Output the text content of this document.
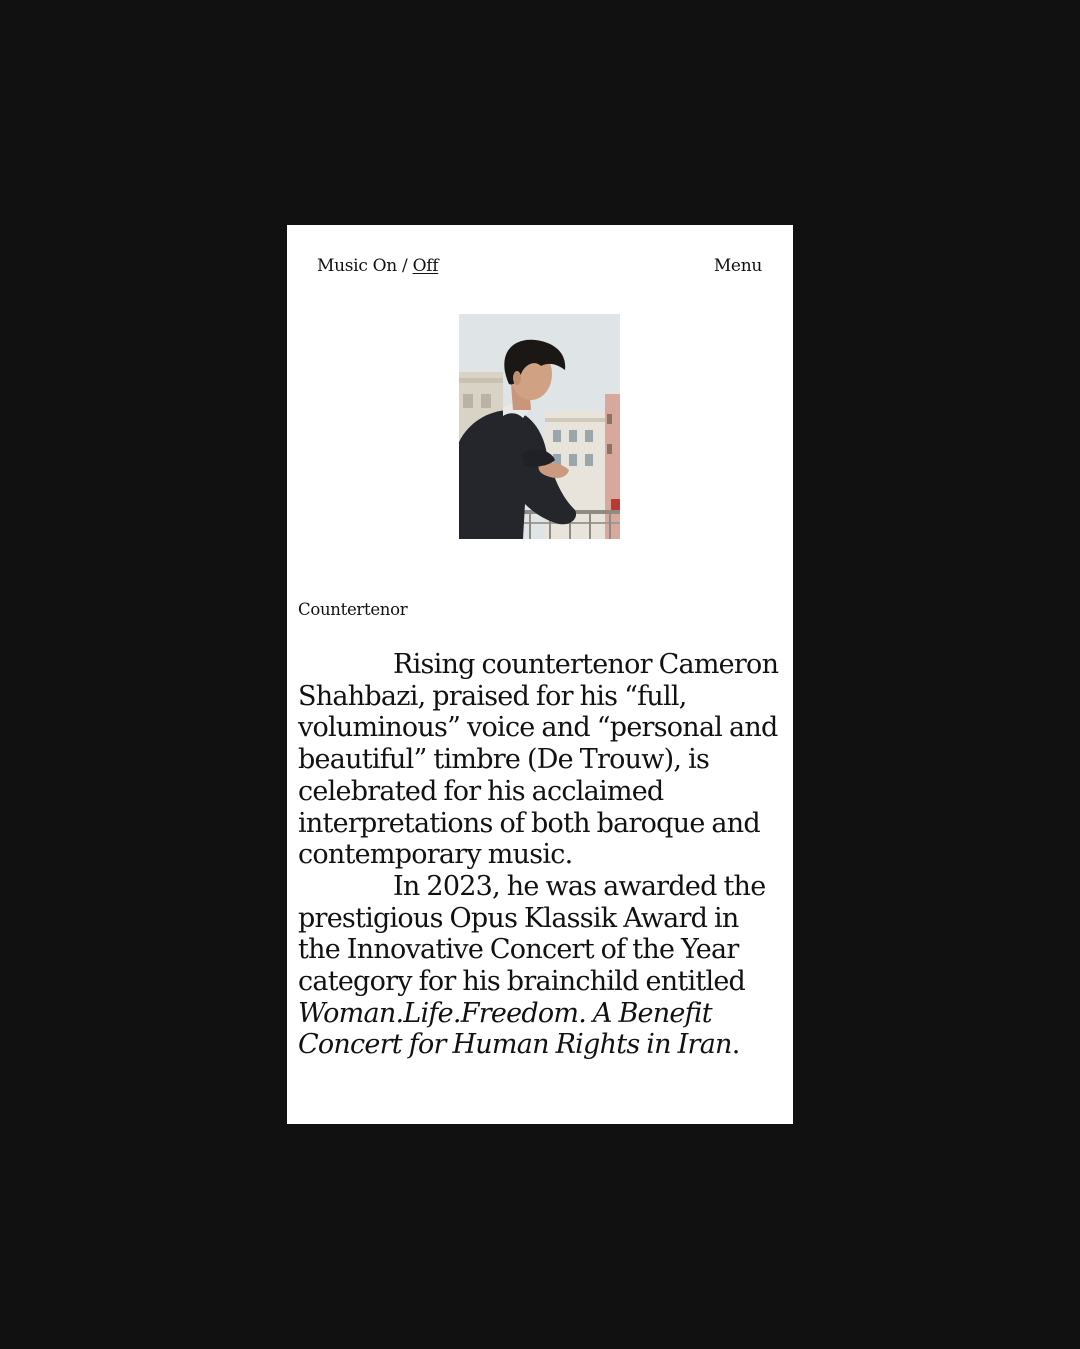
Music On / Off	Menu
Countertenor

Rising countertenor Cameron Shahbazi, praised for his “full, voluminous” voice and “personal and beautiful” timbre (De Trouw), is celebrated for his acclaimed interpretations of both baroque and contemporary music.

In 2023, he was awarded the prestigious Opus Klassik Award in the Innovative Concert of the Year category for his brainchild entitled Woman.Life.Freedom. A Benefit Concert for Human Rights in Iran.
